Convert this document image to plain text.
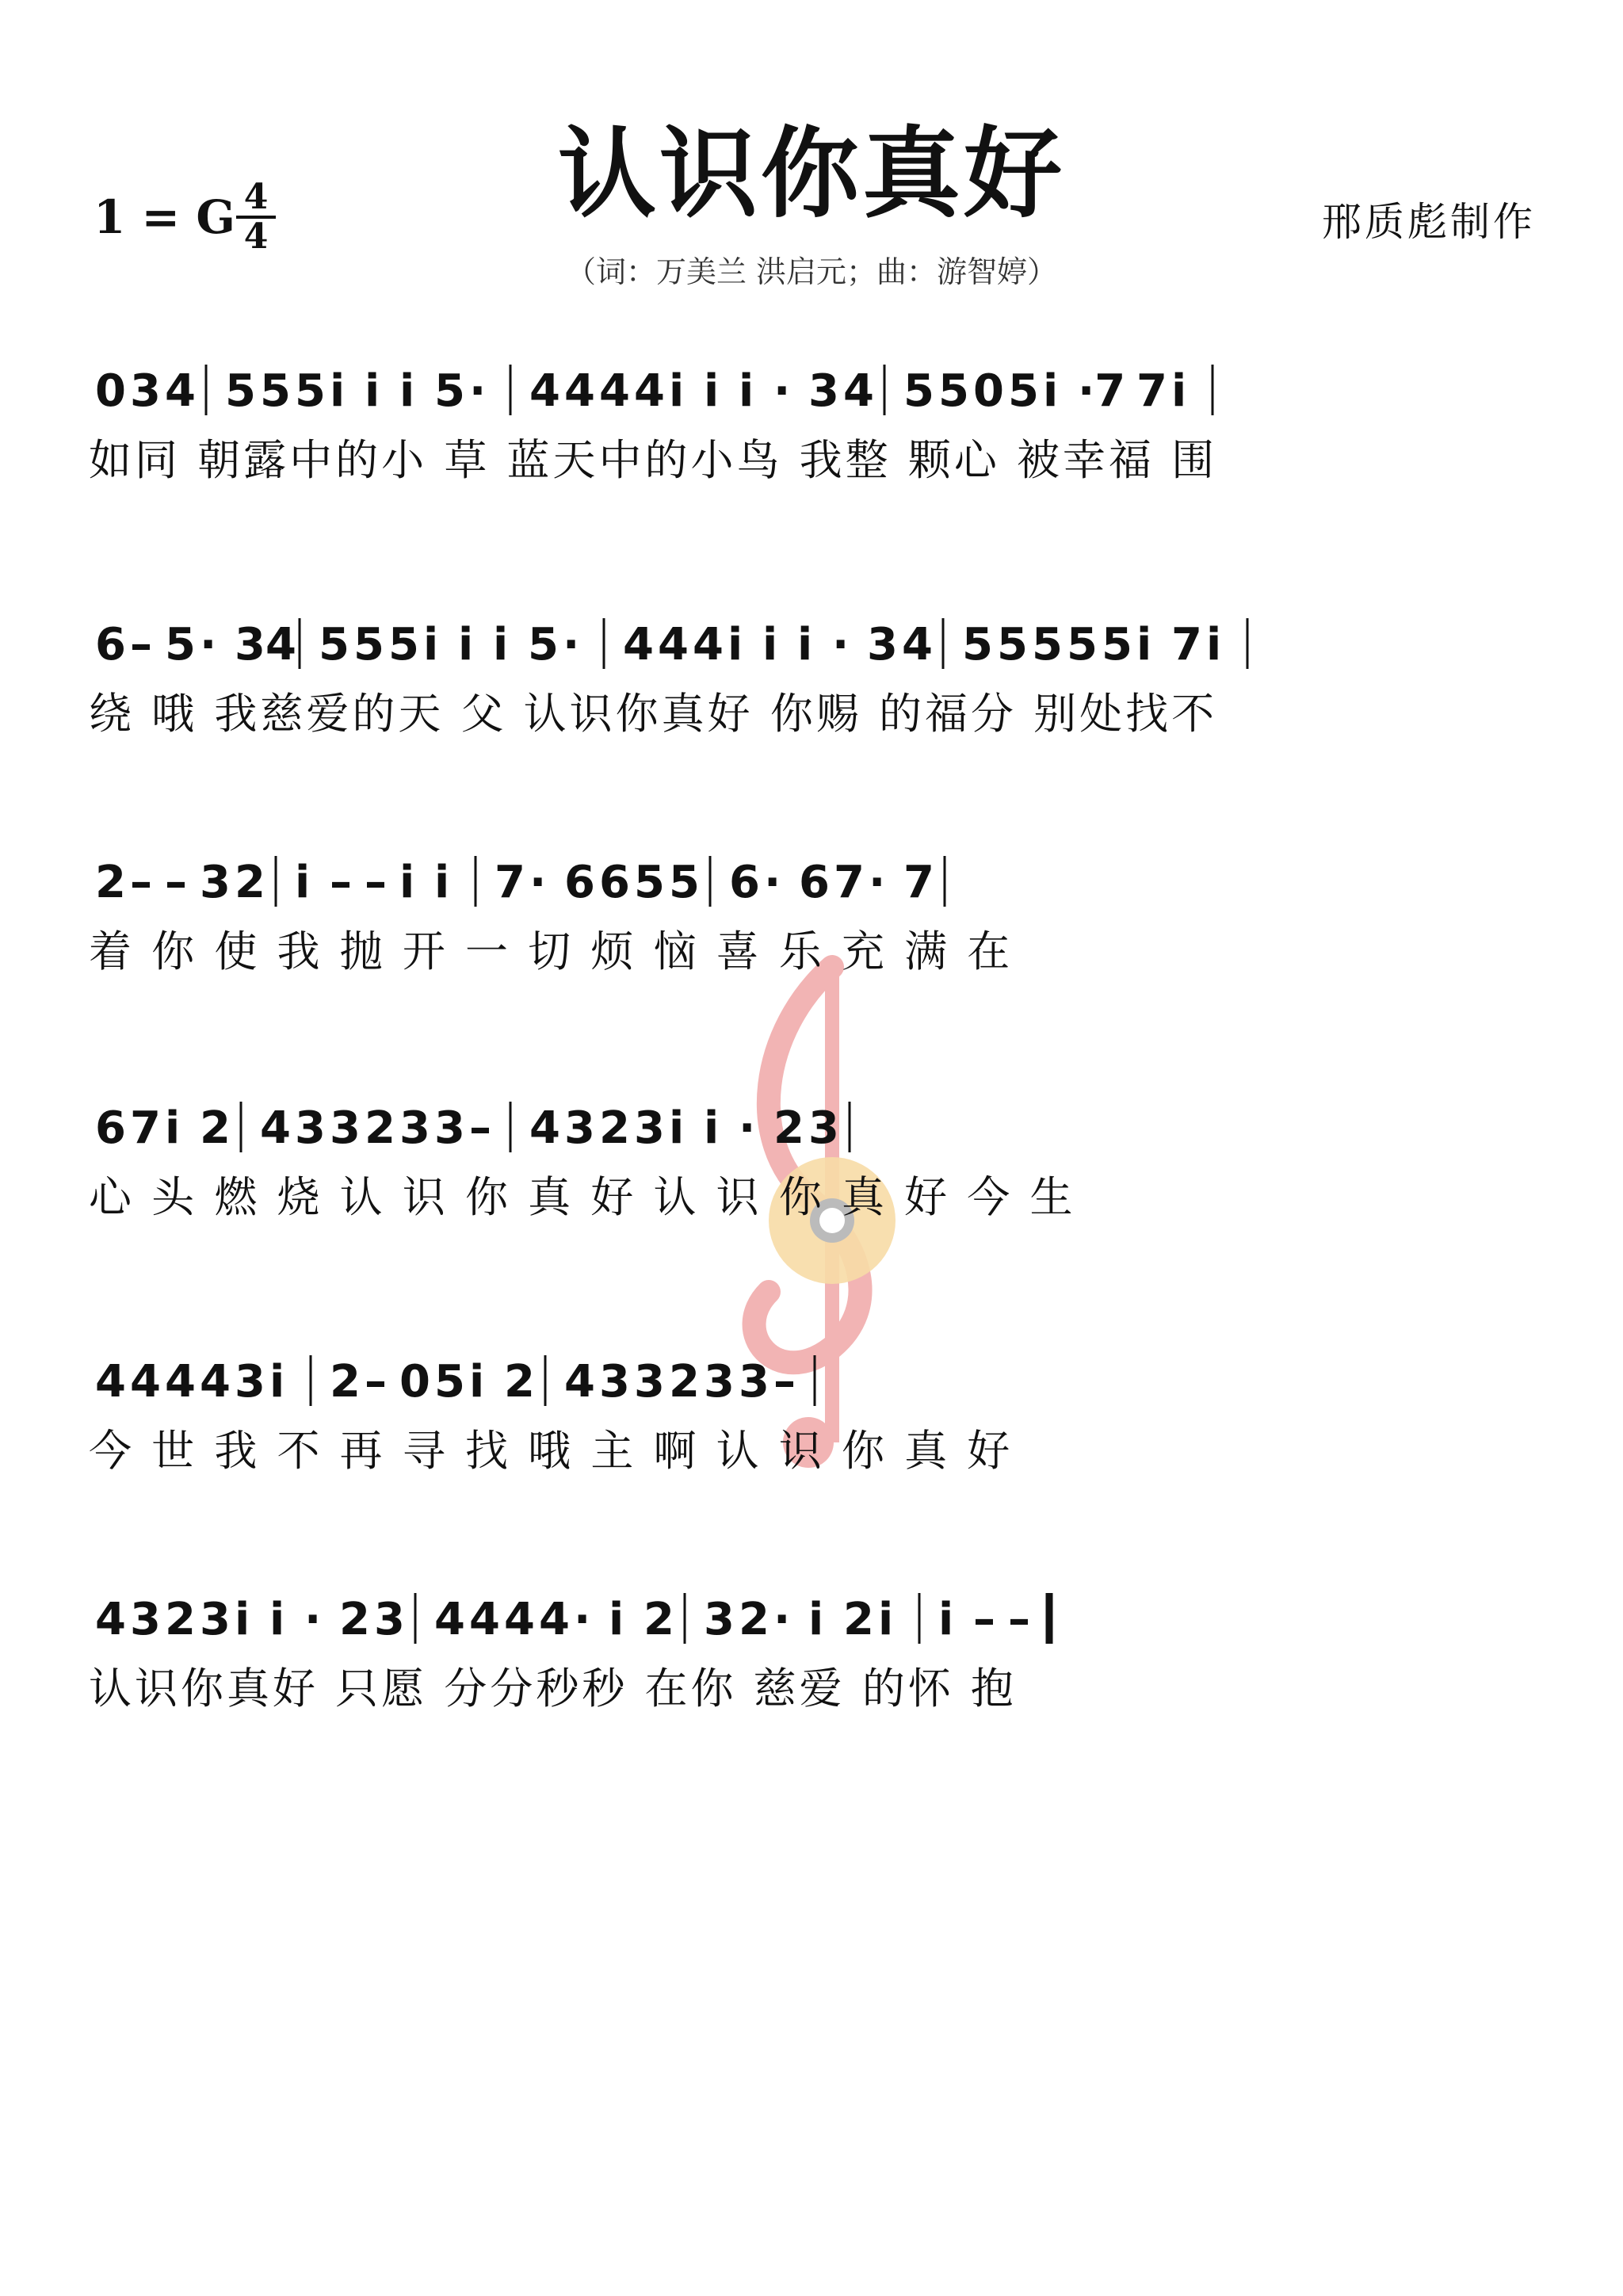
认识你真好
1 = G 4
4	邢质彪制作
（词：万美兰 洪启元；曲：游智婷）
0 3 4 5 5 5 i i i 5 · 4 4 4 4 i i i · 3 4 5 5 0 5 i ·7 7 i
如同 朝露中的小 草 蓝天中的小鸟 我整 颗心 被幸福 围
6 – 5 · 34 5 5 5 i i i 5 · 4 4 4 i i i · 3 4 5 5 5 5 5 i 7 i
绕 哦 我慈爱的天 父 认识你真好 你赐 的福分 别处找不
2 – – 3 2 i – – i i 7 · 6 6 5 5 6 · 6 7 · 7
着 你 使 我 抛 开 一 切 烦 恼 喜 乐 充 满 在
6 7 i 2 4 3 3 2 3 3 – 4 3 2 3 i i · 2 3
心 头 燃 烧 认 识 你 真 好 认 识 你 真 好 今 生
4 4 4 4 3 i 2 – 0 5 i 2 4 3 3 2 3 3 –
今 世 我 不 再 寻 找 哦 主 啊 认 识 你 真 好
4 3 2 3 i i · 2 3 4 4 4 4 · i 2 3 2 · i 2 i i – –
认识你真好 只愿 分分秒秒 在你 慈爱 的怀 抱
